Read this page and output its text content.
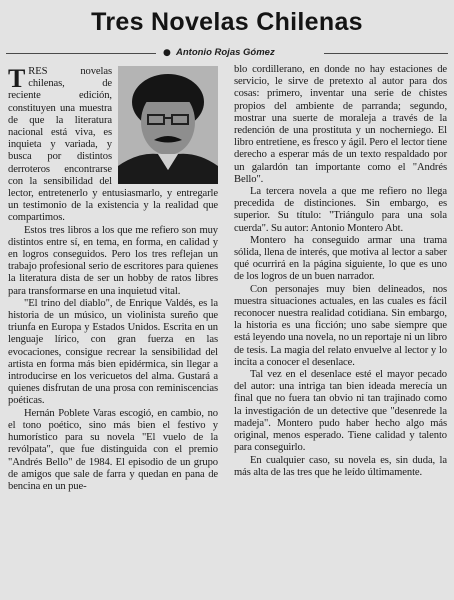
Tres Novelas Chilenas
● Antonio Rojas Gómez

TRES novelas chilenas, de reciente edición, constituyen una muestra de que la literatura nacional está viva, es inquieta y variada, y busca por distintos derroteros encontrarse con la sensibilidad del lector, entretenerlo y entusiasmarlo, y entregarle un testimonio de la existencia y la realidad que compartimos.

Estos tres libros a los que me refiero son muy distintos entre sí, en tema, en forma, en calidad y en logros conseguidos. Pero los tres reflejan un trabajo profesional serio de escritores para quienes la literatura dista de ser un hobby de ratos libres para transformarse en una inquietud vital.

"El trino del diablo", de Enrique Valdés, es la historia de un músico, un violinista sureño que triunfa en Europa y Estados Unidos. Escrita en un lenguaje lírico, con gran fuerza en las evocaciones, consigue recrear la sensibilidad del artista en forma más bien epidérmica, sin llegar a introducirse en los vericuetos del alma. Gustará a quienes disfrutan de una prosa con reminiscencias poéticas.

Hernán Poblete Varas escogió, en cambio, no el tono poético, sino más bien el festivo y humorístico para su novela "El vuelo de la revólpata", que fue distinguida con el premio "Andrés Bello" de 1984. El episodio de un grupo de amigos que sale de farra y quedan en pana de bencina en un pue-

blo cordillerano, en donde no hay estaciones de servicio, le sirve de pretexto al autor para dos cosas: primero, inventar una serie de chistes propios del ambiente de parranda; segundo, mostrar una suerte de moraleja a través de la redención de una prostituta y un nocherniego. El libro entretiene, es fresco y ágil. Pero el lector tiene derecho a esperar más de un texto respaldado por un galardón tan importante como el "Andrés Bello".

La tercera novela a que me refiero no llega precedida de distinciones. Sin embargo, es superior. Su título: "Triángulo para una sola cuerda". Su autor: Antonio Montero Abt.

Montero ha conseguido armar una trama sólida, llena de interés, que motiva al lector a saber qué ocurrirá en la página siguiente, lo que es uno de los logros de un buen narrador.

Con personajes muy bien delineados, nos muestra situaciones actuales, en las cuales es fácil reconocer nuestra realidad cotidiana. Sin embargo, la historia es una ficción; uno sabe siempre que está leyendo una novela, no un reportaje ni un libro de tesis. La magia del relato envuelve al lector y lo incita a conocer el desenlace.

Tal vez en el desenlace esté el mayor pecado del autor: una intriga tan bien ideada merecía un final que no fuera tan obvio ni tan trajinado como la investigación de un detective que "desenrede la madeja". Montero pudo haber hecho algo más original, menos esperado. Tiene calidad y talento para conseguirlo.

En cualquier caso, su novela es, sin duda, la más alta de las tres que he leído últimamente.
